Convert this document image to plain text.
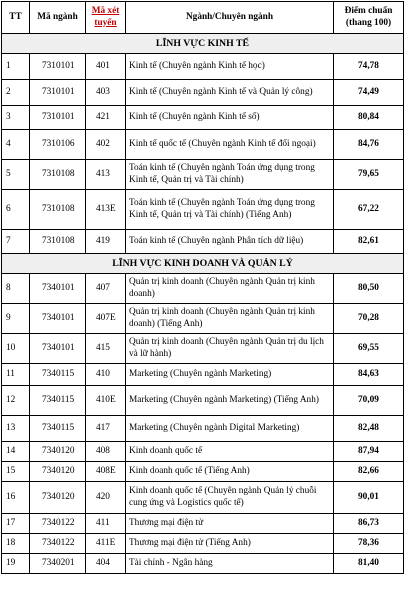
TT	Mã ngành	Mã xét tuyển	Ngành/Chuyên ngành	Điểm chuẩn (thang 100)
LĨNH VỰC KINH TẾ				
1	7310101	401	Kinh tế (Chuyên ngành Kinh tế học)	74,78
2	7310101	403	Kinh tế (Chuyên ngành Kinh tế và Quản lý công)	74,49
3	7310101	421	Kinh tế (Chuyên ngành Kinh tế số)	80,84
4	7310106	402	Kinh tế quốc tế (Chuyên ngành Kinh tế đối ngoại)	84,76
5	7310108	413	Toán kinh tế (Chuyên ngành Toán ứng dụng trong Kinh tế, Quản trị và Tài chính)	79,65
6	7310108	413E	Toán kinh tế (Chuyên ngành Toán ứng dụng trong Kinh tế, Quản trị và Tài chính) (Tiếng Anh)	67,22
7	7310108	419	Toán kinh tế (Chuyên ngành Phân tích dữ liệu)	82,61
LĨNH VỰC KINH DOANH VÀ QUẢN LÝ				
8	7340101	407	Quản trị kinh doanh (Chuyên ngành Quản trị kinh doanh)	80,50
9	7340101	407E	Quản trị kinh doanh (Chuyên ngành Quản trị kinh doanh) (Tiếng Anh)	70,28
10	7340101	415	Quản trị kinh doanh (Chuyên ngành Quản trị du lịch và lữ hành)	69,55
11	7340115	410	Marketing (Chuyên ngành Marketing)	84,63
12	7340115	410E	Marketing (Chuyên ngành Marketing) (Tiếng Anh)	70,09
13	7340115	417	Marketing (Chuyên ngành Digital Marketing)	82,48
14	7340120	408	Kinh doanh quốc tế	87,94
15	7340120	408E	Kinh doanh quốc tế (Tiếng Anh)	82,66
16	7340120	420	Kinh doanh quốc tế (Chuyên ngành Quản lý chuỗi cung ứng và Logistics quốc tế)	90,01
17	7340122	411	Thương mại điện tử	86,73
18	7340122	411E	Thương mại điện tử (Tiếng Anh)	78,36
19	7340201	404	Tài chính - Ngân hàng	81,40
